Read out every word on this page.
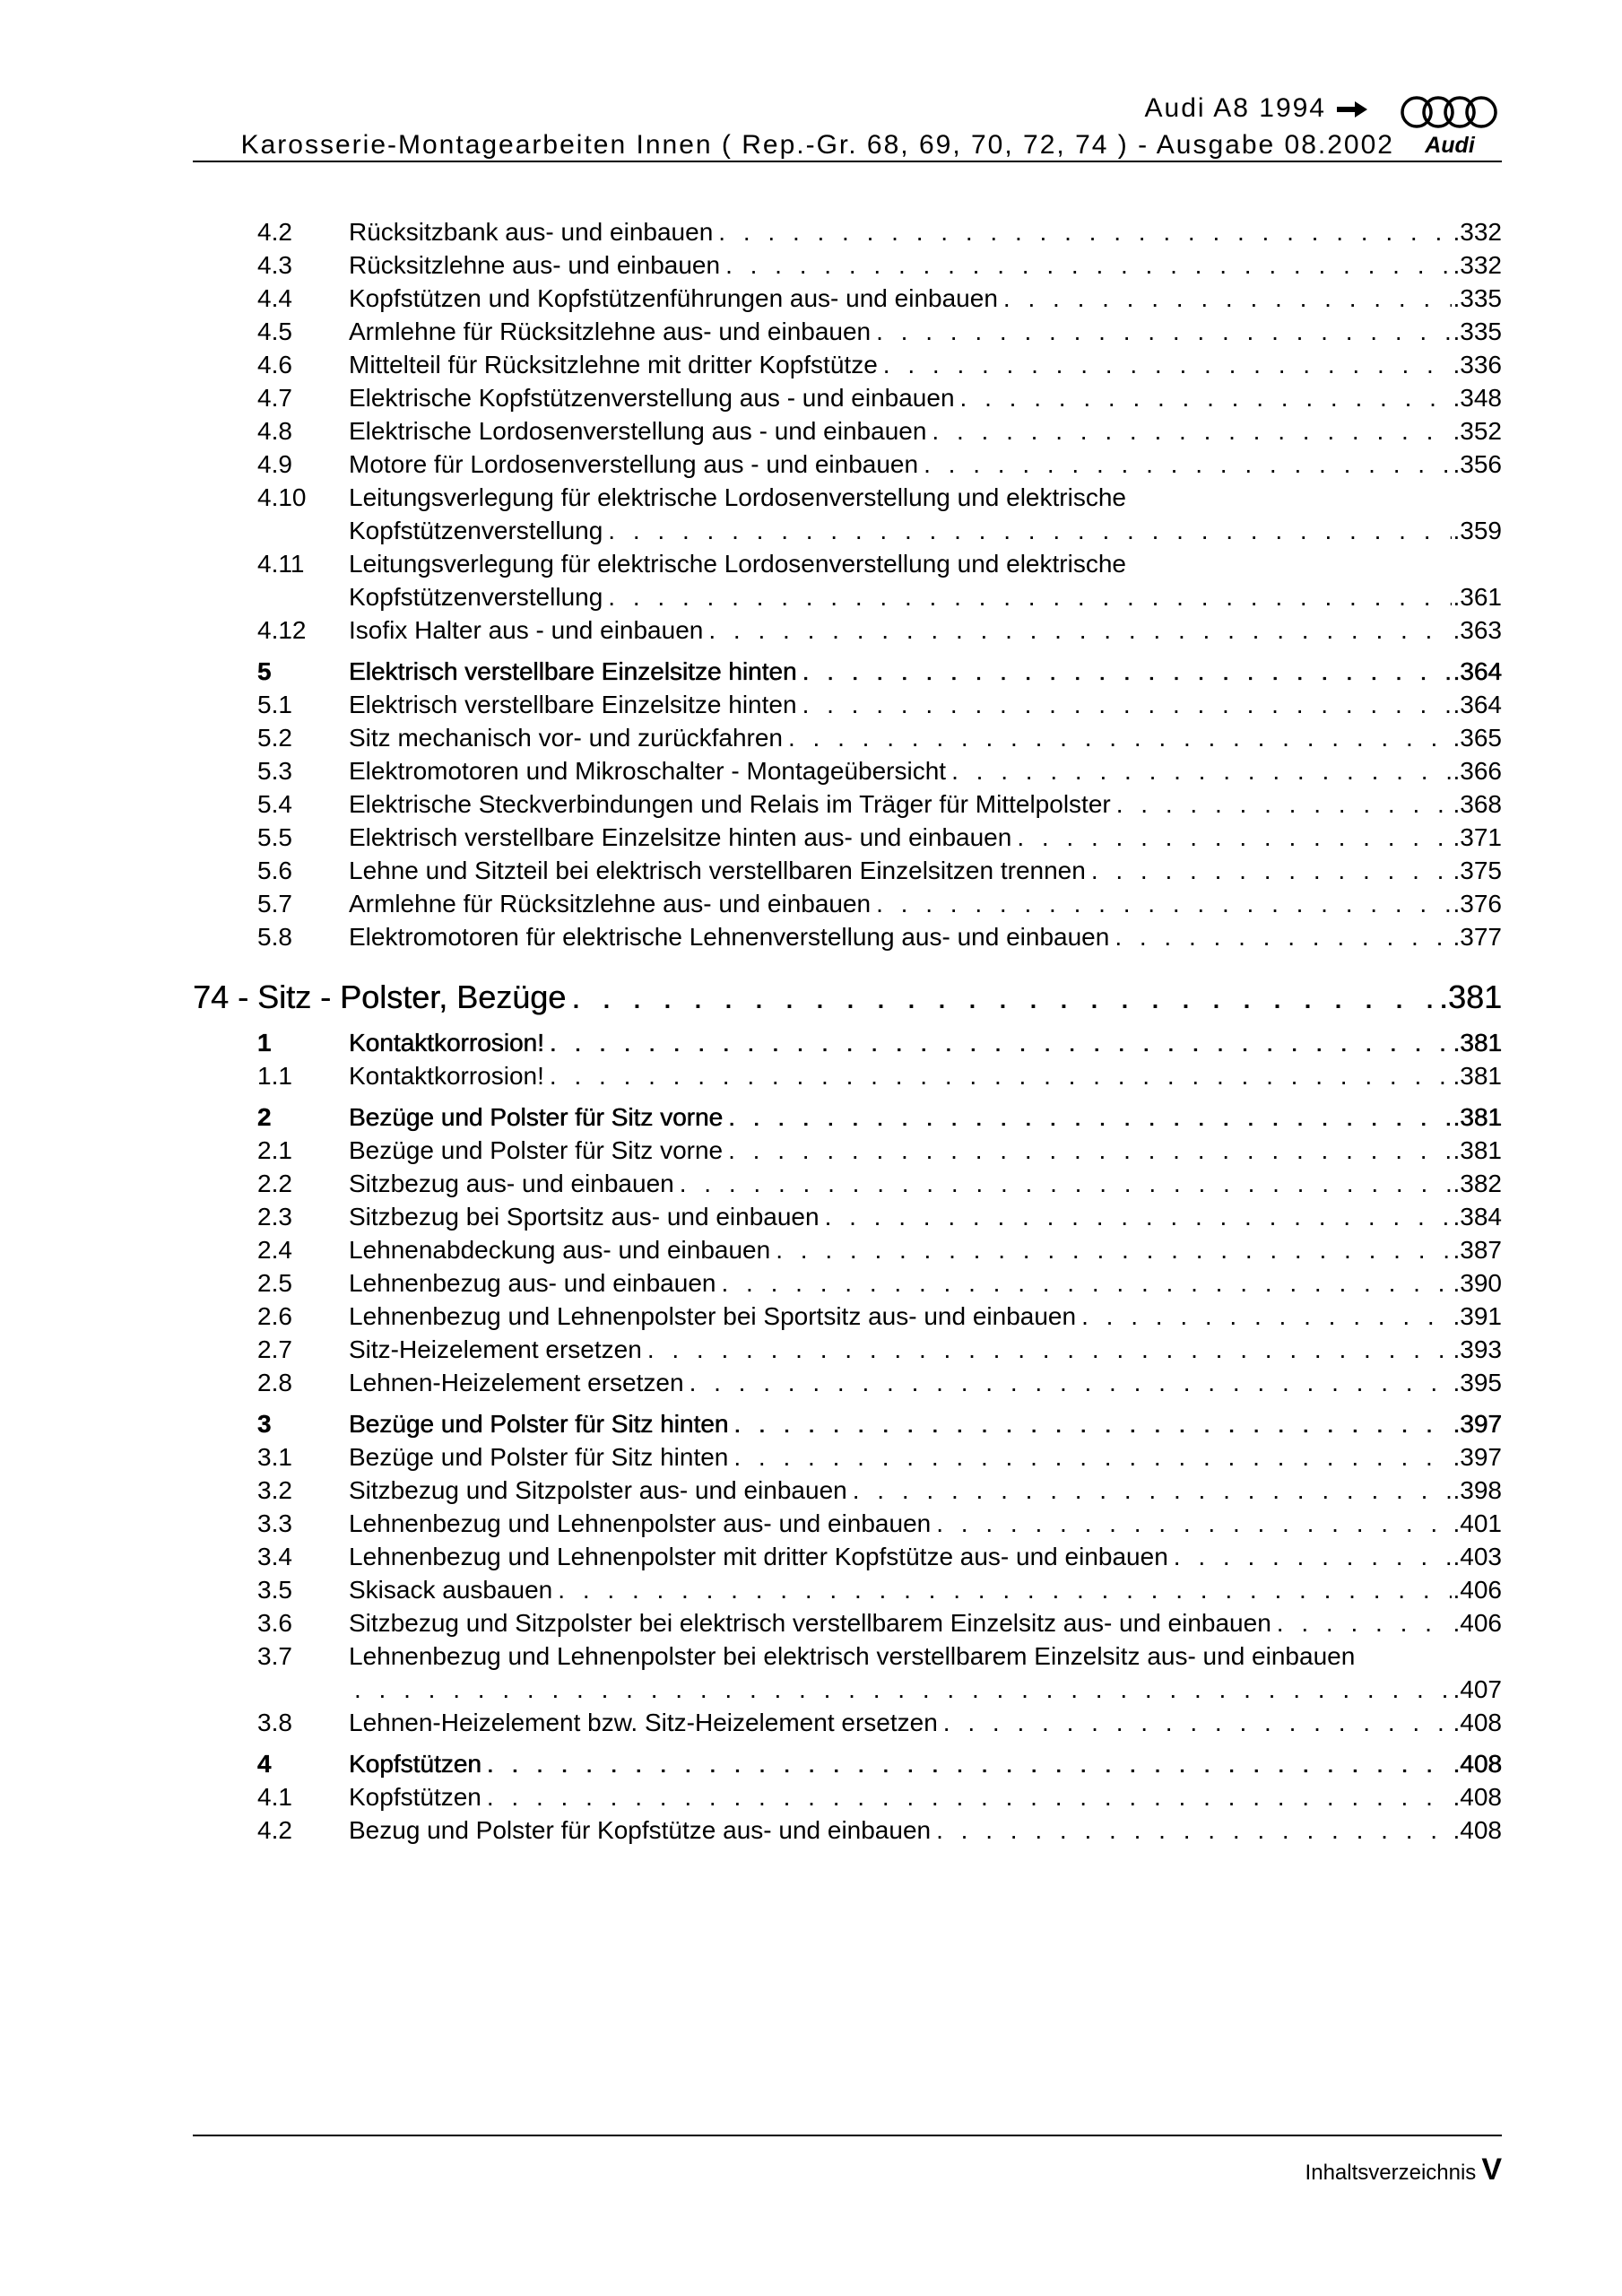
Audi A8 1994
Karosserie-Montagearbeiten Innen ( Rep.-Gr. 68, 69, 70, 72, 74 ) - Ausgabe 08.2002 Audi
4.2 Rücksitzbank aus- und einbauen . . .	.332
4.3 Rücksitzlehne aus- und einbauen . . .	.332
4.4 Kopfstützen und Kopfstützenführungen aus- und einbauen . . .	.335
4.5 Armlehne für Rücksitzlehne aus- und einbauen . . .	.335
4.6 Mittelteil für Rücksitzlehne mit dritter Kopfstütze . . .	.336
4.7 Elektrische Kopfstützenverstellung aus - und einbauen . . .	.348
4.8 Elektrische Lordosenverstellung aus - und einbauen . . .	.352
4.9 Motore für Lordosenverstellung aus - und einbauen . . .	.356
4.10 Leitungsverlegung für elektrische Lordosenverstellung und elektrische
Kopfstützenverstellung . . .	.359
4.11 Leitungsverlegung für elektrische Lordosenverstellung und elektrische
Kopfstützenverstellung . . .	.361
4.12 Isofix Halter aus - und einbauen . . .	.363
5	Elektrisch verstellbare Einzelsitze hinten . . .	.364
5.1 Elektrisch verstellbare Einzelsitze hinten . . .	.364
5.2 Sitz mechanisch vor- und zurückfahren . . .	.365
5.3 Elektromotoren und Mikroschalter - Montageübersicht . . .	.366
5.4 Elektrische Steckverbindungen und Relais im Träger für Mittelpolster . . .	.368
5.5 Elektrisch verstellbare Einzelsitze hinten aus- und einbauen . . .	.371
5.6 Lehne und Sitzteil bei elektrisch verstellbaren Einzelsitzen trennen . . .	.375
5.7 Armlehne für Rücksitzlehne aus- und einbauen . . .	.376
5.8 Elektromotoren für elektrische Lehnenverstellung aus- und einbauen . . .	.377
74 - Sitz - Polster, Bezüge . . .	.381
1	Kontaktkorrosion! . . .	.381
1.1 Kontaktkorrosion! . . .	.381
2	Bezüge und Polster für Sitz vorne . . .	.381
2.1 Bezüge und Polster für Sitz vorne . . .	.381
2.2 Sitzbezug aus- und einbauen . . .	.382
2.3 Sitzbezug bei Sportsitz aus- und einbauen . . .	.384
2.4 Lehnenabdeckung aus- und einbauen . . .	.387
2.5 Lehnenbezug aus- und einbauen . . .	.390
2.6 Lehnenbezug und Lehnenpolster bei Sportsitz aus- und einbauen . . .	.391
2.7 Sitz-Heizelement ersetzen . . .	.393
2.8 Lehnen-Heizelement ersetzen . . .	.395
3	Bezüge und Polster für Sitz hinten . . .	.397
3.1 Bezüge und Polster für Sitz hinten . . .	.397
3.2 Sitzbezug und Sitzpolster aus- und einbauen . . .	.398
3.3 Lehnenbezug und Lehnenpolster aus- und einbauen . . .	.401
3.4 Lehnenbezug und Lehnenpolster mit dritter Kopfstütze aus- und einbauen . . .	.403
3.5 Skisack ausbauen . . .	.406
3.6 Sitzbezug und Sitzpolster bei elektrisch verstellbarem Einzelsitz aus- und einbauen . . .	.406
3.7 Lehnenbezug und Lehnenpolster bei elektrisch verstellbarem Einzelsitz aus- und einbauen
. . .
.407
3.8 Lehnen-Heizelement bzw. Sitz-Heizelement ersetzen . . .	.408
4	Kopfstützen . . .	.408
4.1 Kopfstützen . . .	.408
4.2 Bezug und Polster für Kopfstütze aus- und einbauen . . .	.408
Inhaltsverzeichnis V
